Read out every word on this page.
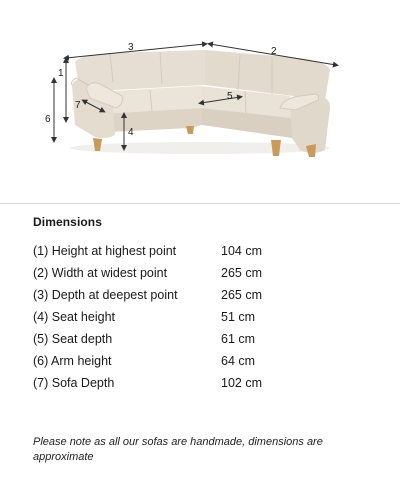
3	2
1
6
7
4
5
Dimensions
(1) Height at highest point	104 cm
(2) Width at widest point	265 cm
(3) Depth at deepest point	265 cm
(4) Seat height	51 cm
(5) Seat depth	61 cm
(6) Arm height	64 cm
(7) Sofa Depth	102 cm
Please note as all our sofas are handmade, dimensions are approximate
